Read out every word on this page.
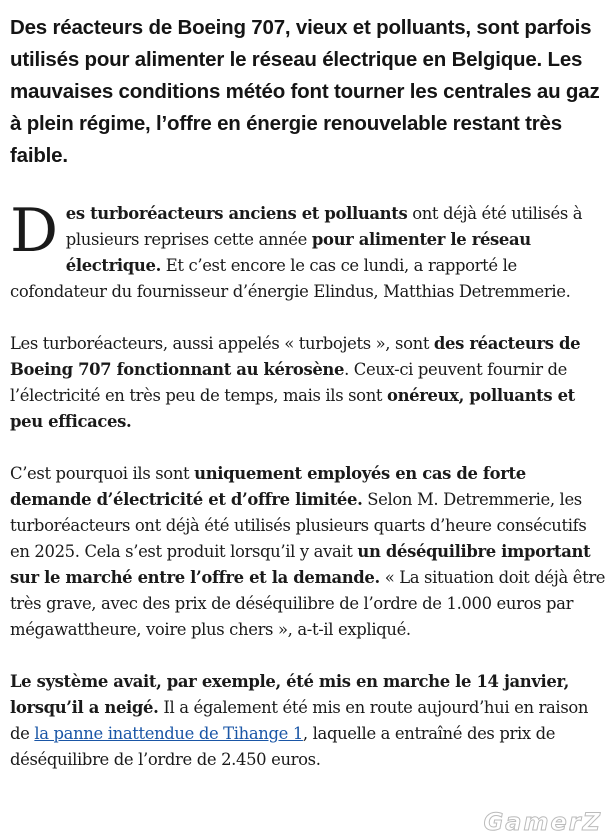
Des réacteurs de Boeing 707, vieux et polluants, sont parfois utilisés pour alimenter le réseau électrique en Belgique. Les mauvaises conditions météo font tourner les centrales au gaz à plein régime, l’offre en énergie renouvelable restant très faible.

Des turboréacteurs anciens et polluants ont déjà été utilisés à plusieurs reprises cette année pour alimenter le réseau électrique. Et c’est encore le cas ce lundi, a rapporté le cofondateur du fournisseur d’énergie Elindus, Matthias Detremmerie.

Les turboréacteurs, aussi appelés « turbojets », sont des réacteurs de Boeing 707 fonctionnant au kérosène. Ceux-ci peuvent fournir de l’électricité en très peu de temps, mais ils sont onéreux, polluants et peu efficaces.

C’est pourquoi ils sont uniquement employés en cas de forte demande d’électricité et d’offre limitée. Selon M. Detremmerie, les turboréacteurs ont déjà été utilisés plusieurs quarts d’heure consécutifs en 2025. Cela s’est produit lorsqu’il y avait un déséquilibre important sur le marché entre l’offre et la demande. « La situation doit déjà être très grave, avec des prix de déséquilibre de l’ordre de 1.000 euros par mégawattheure, voire plus chers », a-t-il expliqué.

Le système avait, par exemple, été mis en marche le 14 janvier, lorsqu’il a neigé. Il a également été mis en route aujourd’hui en raison de la panne inattendue de Tihange 1, laquelle a entraîné des prix de déséquilibre de l’ordre de 2.450 euros.

GamerZ
